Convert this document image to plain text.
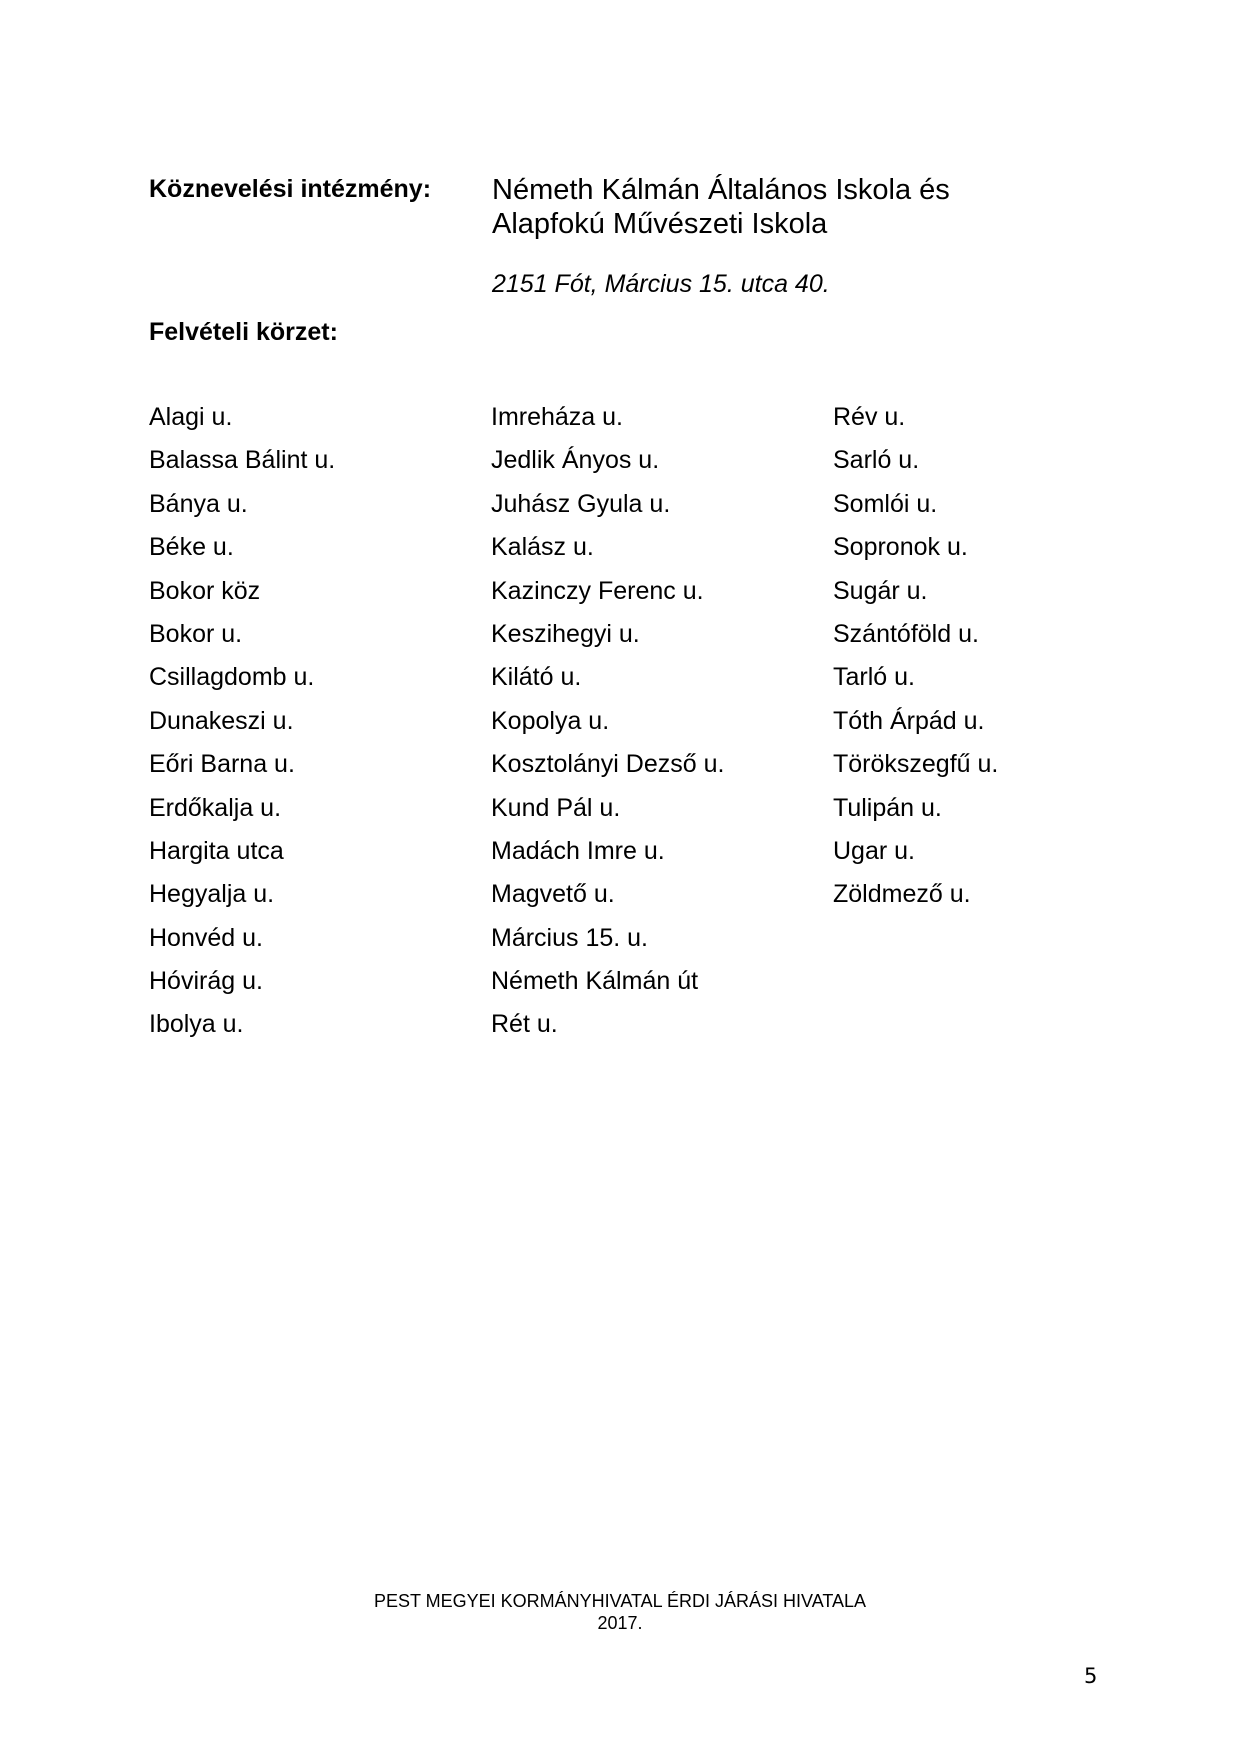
Köznevelési intézmény: Németh Kálmán Általános Iskola és
Alapfokú Művészeti Iskola
2151 Fót, Március 15. utca 40.
Felvételi körzet:
Alagi u.
Balassa Bálint u.
Bánya u.
Béke u.
Bokor köz
Bokor u.
Csillagdomb u.
Dunakeszi u.
Eőri Barna u.
Erdőkalja u.
Hargita utca
Hegyalja u.
Honvéd u.
Hóvirág u.
Ibolya u.
Imreháza u.
Jedlik Ányos u.
Juhász Gyula u.
Kalász u.
Kazinczy Ferenc u.
Keszihegyi u.
Kilátó u.
Kopolya u.
Kosztolányi Dezső u.
Kund Pál u.
Madách Imre u.
Magvető u.
Március 15. u.
Németh Kálmán út
Rét u.
Rév u.
Sarló u.
Somlói u.
Sopronok u.
Sugár u.
Szántóföld u.
Tarló u.
Tóth Árpád u.
Törökszegfű u.
Tulipán u.
Ugar u.
Zöldmező u.
PEST MEGYEI KORMÁNYHIVATAL ÉRDI JÁRÁSI HIVATALA
2017.
5
